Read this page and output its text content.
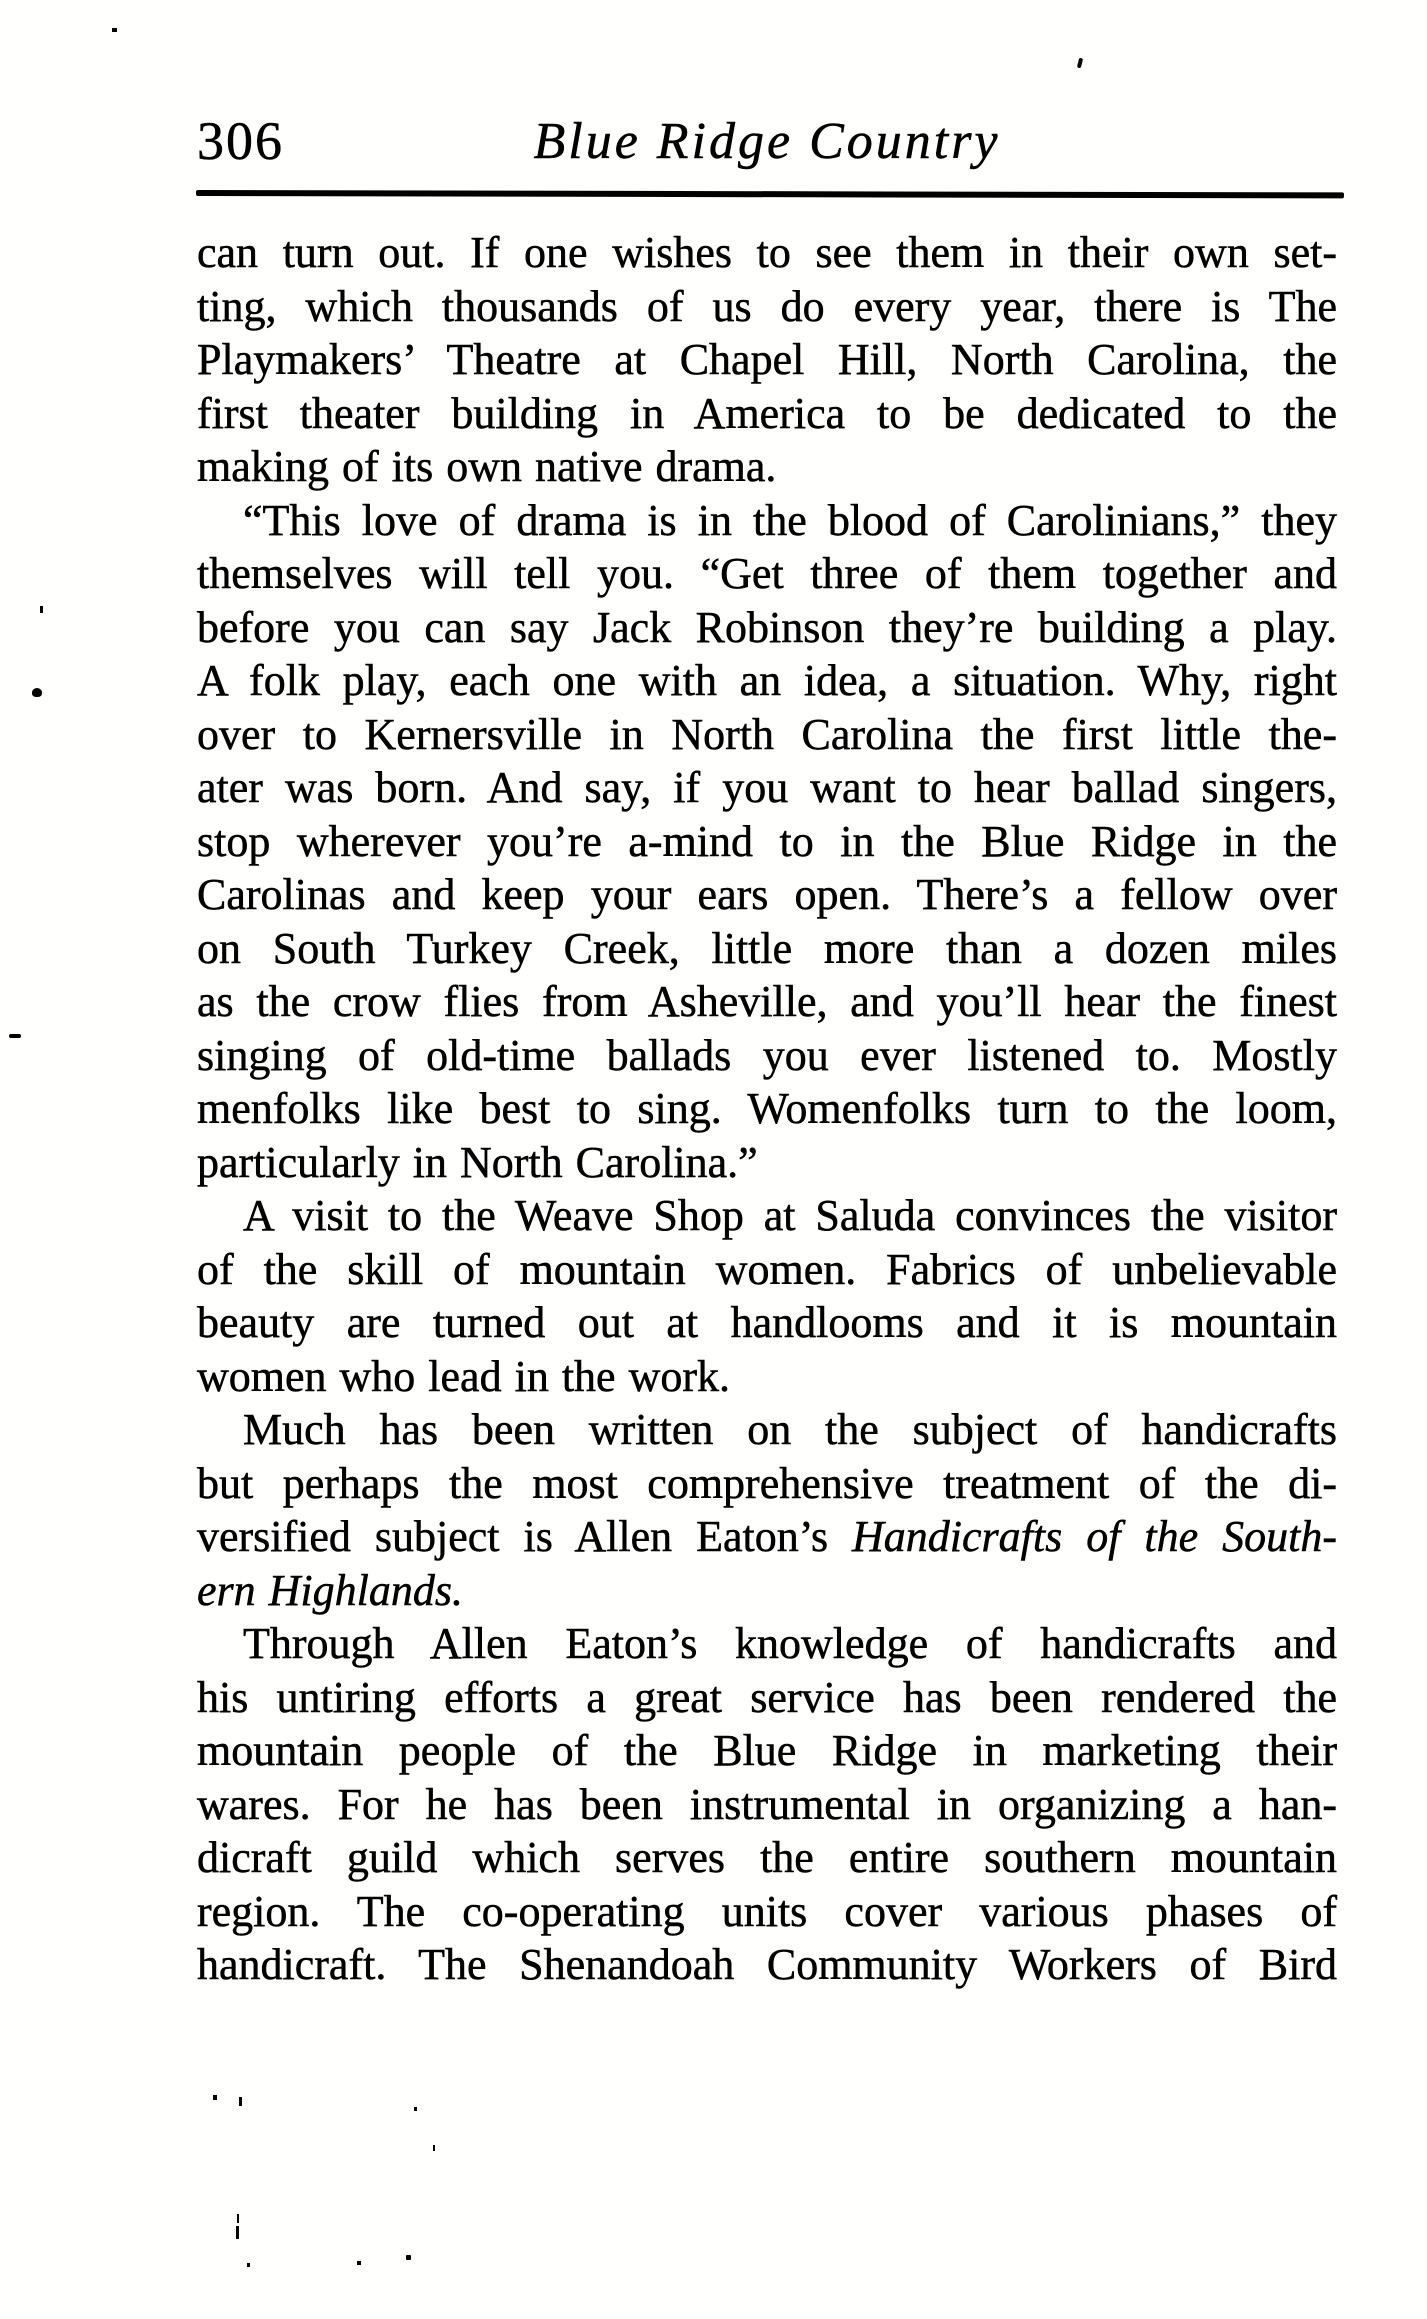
306	Blue Ridge Country
can turn out. If one wishes to see them in their own set-
ting, which thousands of us do every year, there is The
Playmakers’ Theatre at Chapel Hill, North Carolina, the
first theater building in America to be dedicated to the
making of its own native drama.
“This love of drama is in the blood of Carolinians,” they
themselves will tell you. “Get three of them together and
before you can say Jack Robinson they’re building a play.
A folk play, each one with an idea, a situation. Why, right
over to Kernersville in North Carolina the first little the-
ater was born. And say, if you want to hear ballad singers,
stop wherever you’re a-mind to in the Blue Ridge in the
Carolinas and keep your ears open. There’s a fellow over
on South Turkey Creek, little more than a dozen miles
as the crow flies from Asheville, and you’ll hear the finest
singing of old-time ballads you ever listened to. Mostly
menfolks like best to sing. Womenfolks turn to the loom,
particularly in North Carolina.”
A visit to the Weave Shop at Saluda convinces the visitor
of the skill of mountain women. Fabrics of unbelievable
beauty are turned out at handlooms and it is mountain
women who lead in the work.
Much has been written on the subject of handicrafts
but perhaps the most comprehensive treatment of the di-
versified subject is Allen Eaton’s Handicrafts of the South-
ern Highlands.
Through Allen Eaton’s knowledge of handicrafts and
his untiring efforts a great service has been rendered the
mountain people of the Blue Ridge in marketing their
wares. For he has been instrumental in organizing a han-
dicraft guild which serves the entire southern mountain
region. The co-operating units cover various phases of
handicraft. The Shenandoah Community Workers of Bird
